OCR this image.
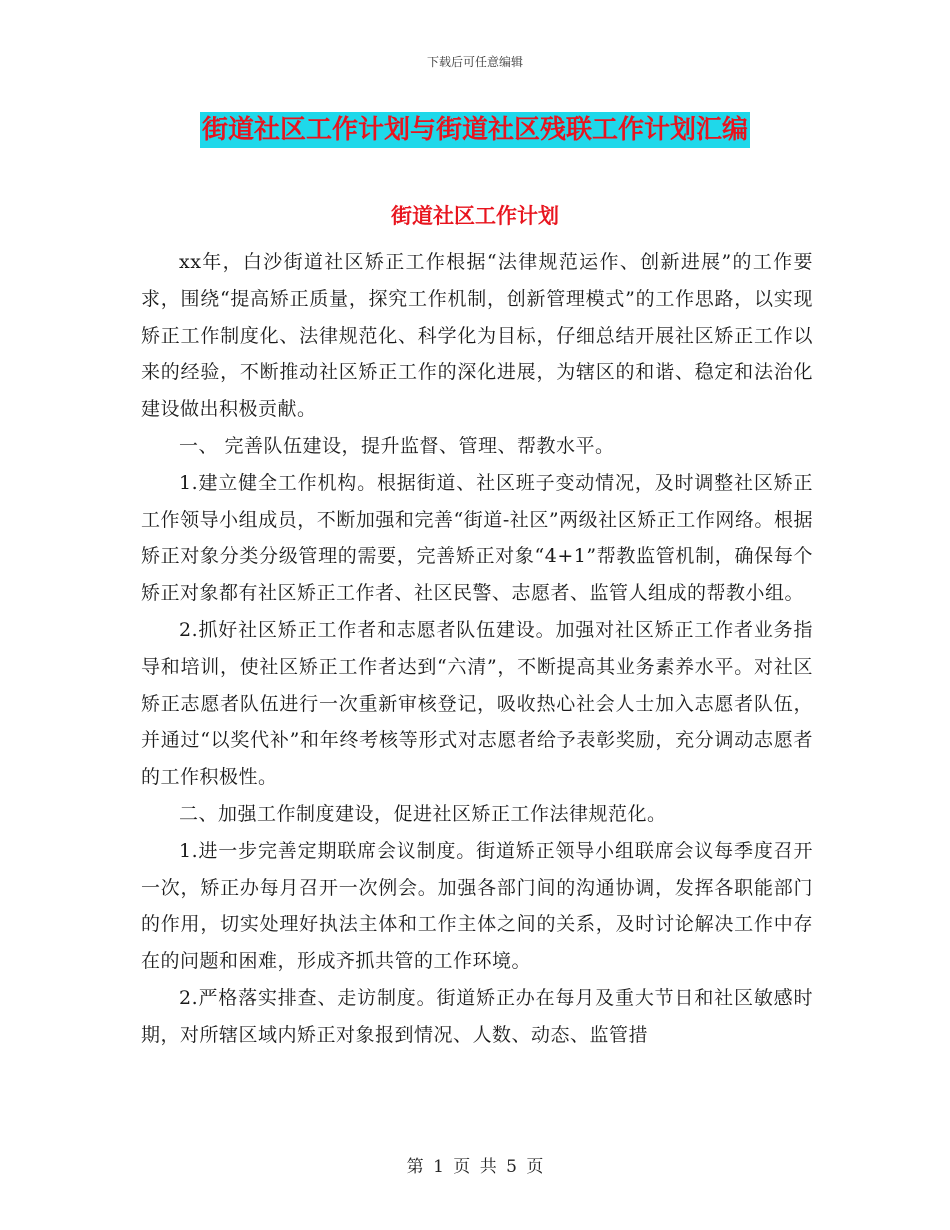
下载后可任意编辑
街道社区工作计划与街道社区残联工作计划汇编
街道社区工作计划

xx年，白沙街道社区矫正工作根据“法律规范运作、创新进展”的工作要求，围绕“提高矫正质量，探究工作机制，创新管理模式”的工作思路，以实现矫正工作制度化、法律规范化、科学化为目标，仔细总结开展社区矫正工作以来的经验，不断推动社区矫正工作的深化进展，为辖区的和谐、稳定和法治化建设做出积极贡献。

一、 完善队伍建设，提升监督、管理、帮教水平。

1.建立健全工作机构。根据街道、社区班子变动情况，及时调整社区矫正工作领导小组成员，不断加强和完善“街道-社区”两级社区矫正工作网络。根据矫正对象分类分级管理的需要，完善矫正对象“4+1”帮教监管机制，确保每个矫正对象都有社区矫正工作者、社区民警、志愿者、监管人组成的帮教小组。

2.抓好社区矫正工作者和志愿者队伍建设。加强对社区矫正工作者业务指导和培训，使社区矫正工作者达到“六清”，不断提高其业务素养水平。对社区矫正志愿者队伍进行一次重新审核登记，吸收热心社会人士加入志愿者队伍，并通过“以奖代补”和年终考核等形式对志愿者给予表彰奖励，充分调动志愿者的工作积极性。

二、加强工作制度建设，促进社区矫正工作法律规范化。

1.进一步完善定期联席会议制度。街道矫正领导小组联席会议每季度召开一次，矫正办每月召开一次例会。加强各部门间的沟通协调，发挥各职能部门的作用，切实处理好执法主体和工作主体之间的关系，及时讨论解决工作中存在的问题和困难，形成齐抓共管的工作环境。

2.严格落实排查、走访制度。街道矫正办在每月及重大节日和社区敏感时期，对所辖区域内矫正对象报到情况、人数、动态、监管措

第 1 页 共 5 页
